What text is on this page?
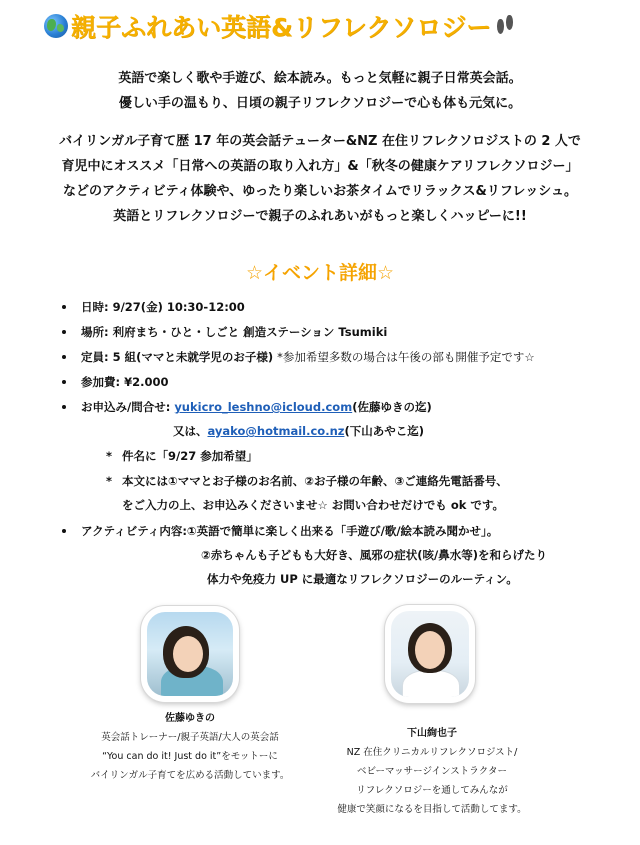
親子ふれあい英語&リフレクソロジー

英語で楽しく歌や手遊び、絵本読み。もっと気軽に親子日常英会話。

優しい手の温もり、日頃の親子リフレクソロジーで心も体も元気に。

バイリンガル子育て歴 17 年の英会話テューター&NZ 在住リフレクソロジストの 2 人で

育児中にオススメ「日常への英語の取り入れ方」&「秋冬の健康ケアリフレクソロジー」

などのアクティビティ体験や、ゆったり楽しいお茶タイムでリラックス&リフレッシュ。

英語とリフレクソロジーで親子のふれあいがもっと楽しくハッピーに!!

☆イベント詳細☆
日時: 9/27(金) 10:30-12:00
場所: 利府まち・ひと・しごと 創造ステーション Tsumiki
定員: 5 組(ママと未就学児のお子様) *参加希望多数の場合は午後の部も開催予定です☆
参加費: ¥2.000
お申込み/問合せ: yukicro_leshno@icloud.com(佐藤ゆきの迄)
又は、ayako@hotmail.co.nz(下山あやこ迄)
* 件名に「9/27 参加希望」
* 本文には①ママとお子様のお名前、②お子様の年齢、③ご連絡先電話番号、
をご入力の上、お申込みくださいませ☆ お問い合わせだけでも ok です。
アクティビティ内容:①英語で簡単に楽しく出来る「手遊び/歌/絵本読み聞かせ」。
②赤ちゃんも子どもも大好き、風邪の症状(咳/鼻水等)を和らげたり
体力や免疫力 UP に最適なリフレクソロジーのルーティン。

佐藤ゆきの

英会話トレーナー/親子英語/大人の英会話

“You can do it! Just do it”をモットーに

バイリンガル子育てを広める活動しています。

下山絢也子

NZ 在住クリニカルリフレクソロジスト/

ベビーマッサージインストラクター

リフレクソロジーを通してみんなが

健康で笑顔になるを目指して活動してます。
